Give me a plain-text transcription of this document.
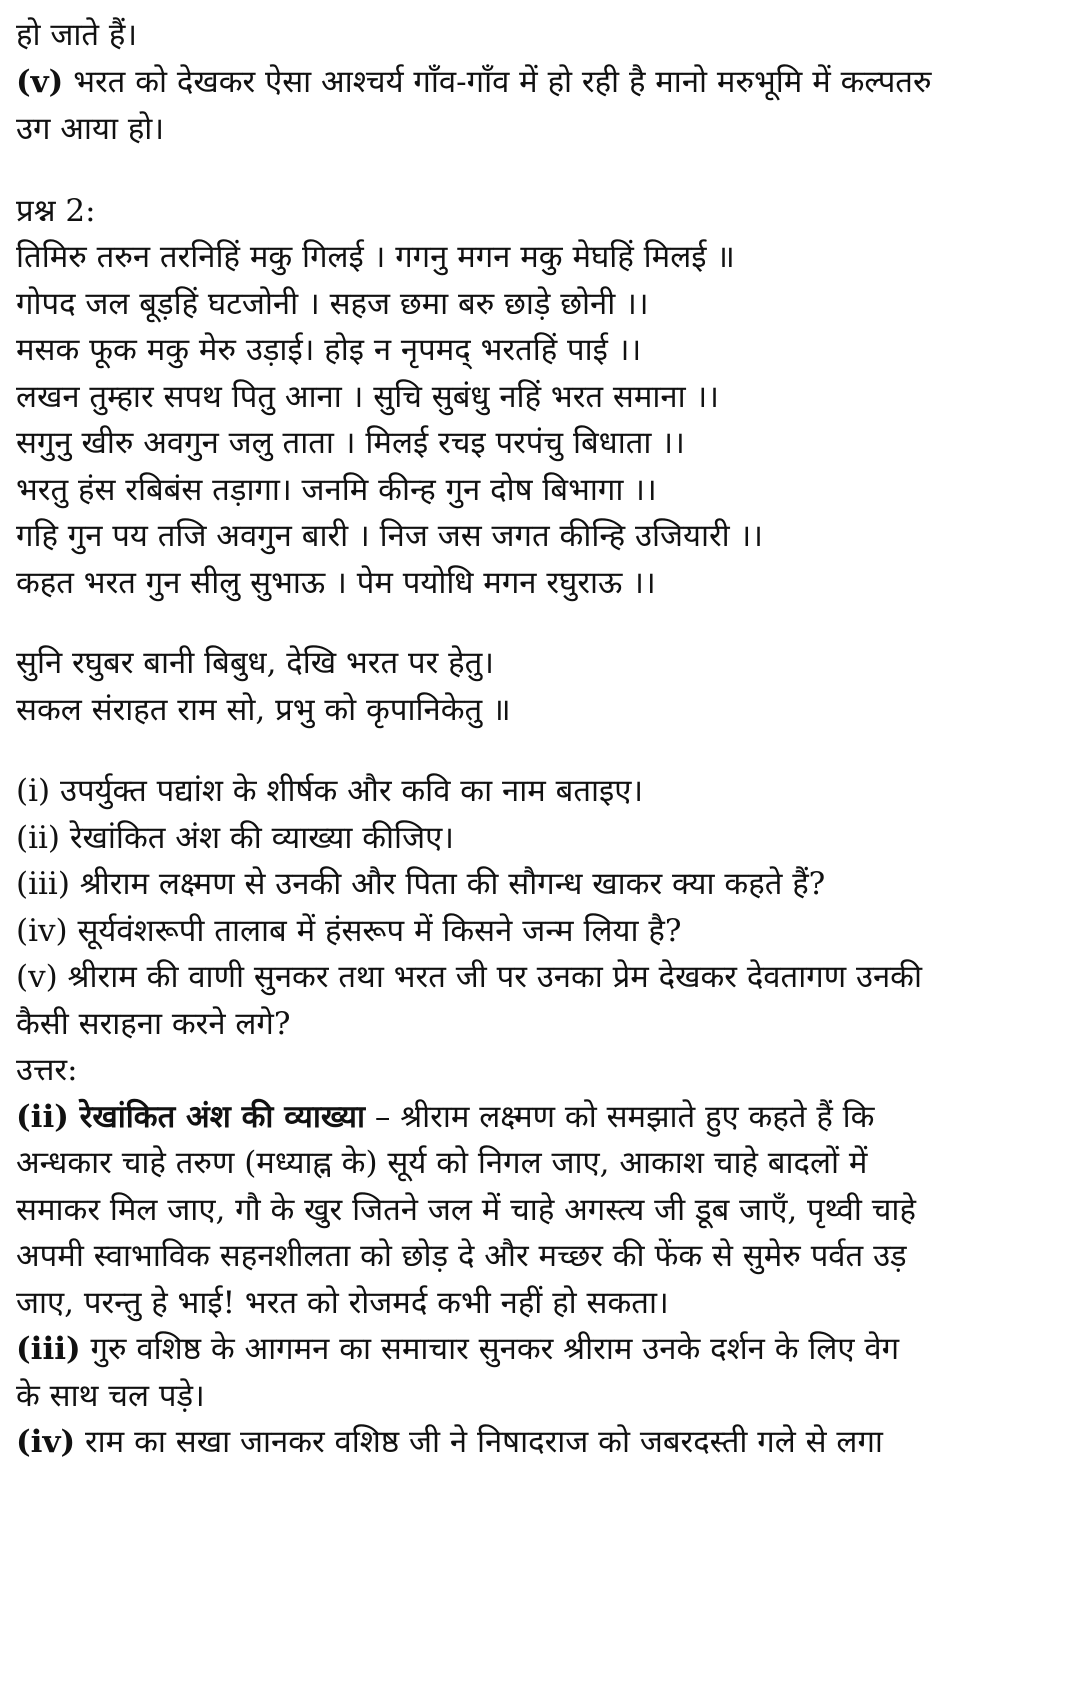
हो जाते हैं।
(v) भरत को देखकर ऐसा आश्चर्य गाँव-गाँव में हो रही है मानो मरुभूमि में कल्पतरु
उग आया हो।
प्रश्न 2:
तिमिरु तरुन तरनिहिं मकु गिलई । गगनु मगन मकु मेघहिं मिलई ॥
गोपद जल बूड़हिं घटजोनी । सहज छमा बरु छाड़े छोनी ।।
मसक फूक मकु मेरु उड़ाई। होइ न नृपमद् भरतहिं पाई ।।
लखन तुम्हार सपथ पितु आना । सुचि सुबंधु नहिं भरत समाना ।।
सगुनु खीरु अवगुन जलु ताता । मिलई रचइ परपंचु बिधाता ।।
भरतु हंस रबिबंस तड़ागा। जनमि कीन्ह गुन दोष बिभागा ।।
गहि गुन पय तजि अवगुन बारी । निज जस जगत कीन्हि उजियारी ।।
कहत भरत गुन सीलु सुभाऊ । पेम पयोधि मगन रघुराऊ ।।
सुनि रघुबर बानी बिबुध, देखि भरत पर हेतु।
सकल संराहत राम सो, प्रभु को कृपानिकेतु ॥
(i) उपर्युक्त पद्यांश के शीर्षक और कवि का नाम बताइए।
(ii) रेखांकित अंश की व्याख्या कीजिए।
(iii) श्रीराम लक्ष्मण से उनकी और पिता की सौगन्ध खाकर क्या कहते हैं?
(iv) सूर्यवंशरूपी तालाब में हंसरूप में किसने जन्म लिया है?
(v) श्रीराम की वाणी सुनकर तथा भरत जी पर उनका प्रेम देखकर देवतागण उनकी
कैसी सराहना करने लगे?
उत्तर:
(ii) रेखांकित अंश की व्याख्या – श्रीराम लक्ष्मण को समझाते हुए कहते हैं कि
अन्धकार चाहे तरुण (मध्याह्न के) सूर्य को निगल जाए, आकाश चाहे बादलों में
समाकर मिल जाए, गौ के खुर जितने जल में चाहे अगस्त्य जी डूब जाएँ, पृथ्वी चाहे
अपमी स्वाभाविक सहनशीलता को छोड़ दे और मच्छर की फेंक से सुमेरु पर्वत उड़
जाए, परन्तु हे भाई! भरत को रोजमर्द कभी नहीं हो सकता।
(iii) गुरु वशिष्ठ के आगमन का समाचार सुनकर श्रीराम उनके दर्शन के लिए वेग
के साथ चल पड़े।
(iv) राम का सखा जानकर वशिष्ठ जी ने निषादराज को जबरदस्ती गले से लगा
